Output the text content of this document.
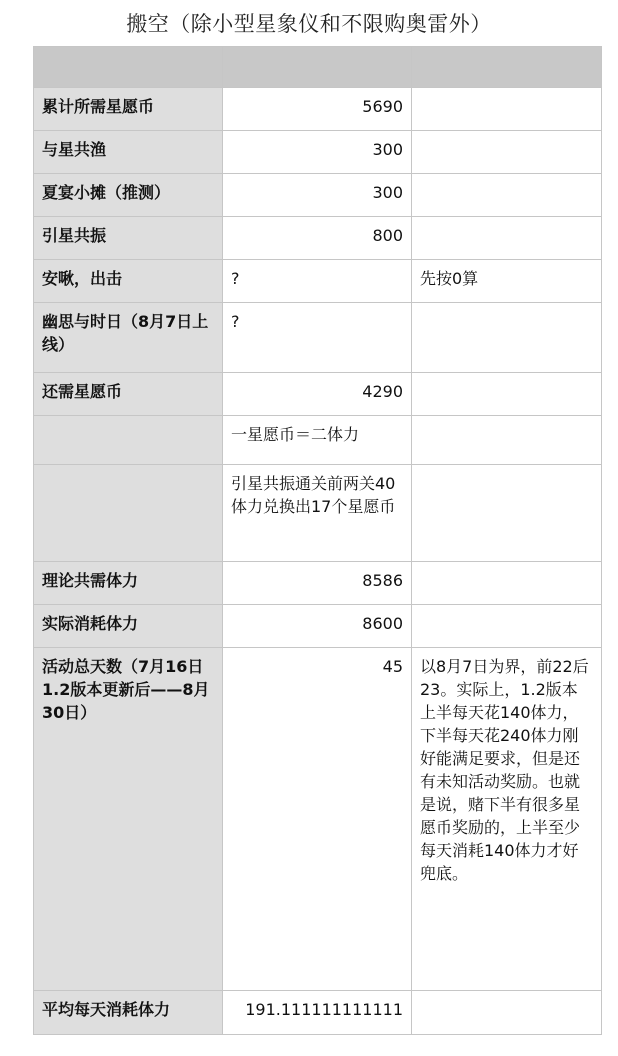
搬空（除小型星象仪和不限购奥雷外）

累计所需星愿币	5690	
与星共渔	300	
夏宴小摊（推测）	300	
引星共振	800	
安啾，出击	?	先按0算
幽思与时日（8月7日上线）	?	
还需星愿币	4290	
	一星愿币＝二体力	
	引星共振通关前两关40体力兑换出17个星愿币	
理论共需体力	8586	
实际消耗体力	8600	
活动总天数（7月16日1.2版本更新后——8月30日）	45	以8月7日为界，前22后23。实际上，1.2版本上半每天花140体力，下半每天花240体力刚好能满足要求，但是还有未知活动奖励。也就是说，赌下半有很多星愿币奖励的，上半至少每天消耗140体力才好兜底。
平均每天消耗体力	191.111111111111	
